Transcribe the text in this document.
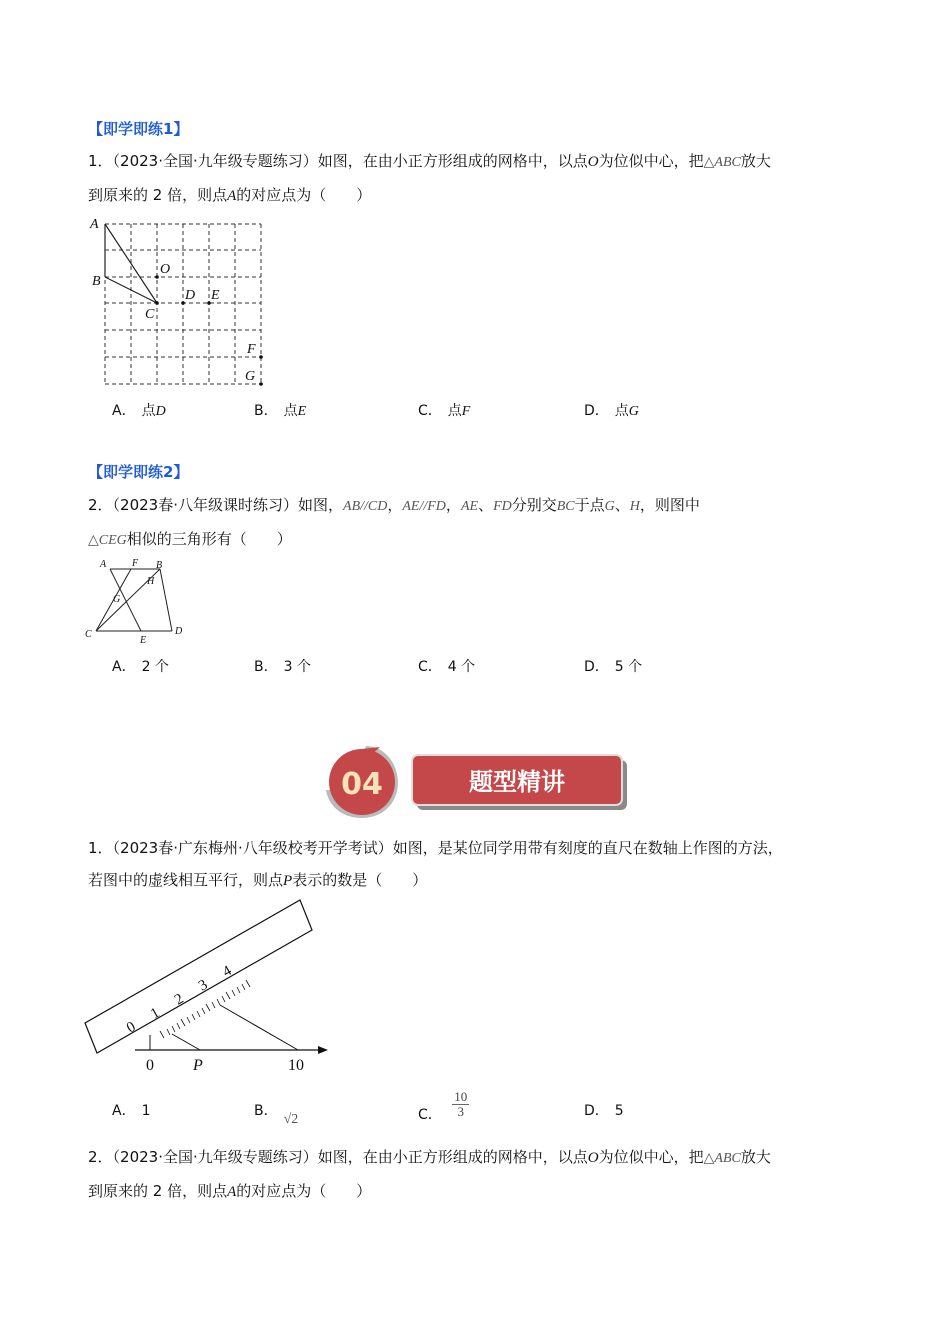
【即学即练1】
1．（2023·全国·九年级专题练习）如图，在由小正方形组成的网格中，以点O为位似中心，把△ABC放大
到原来的 2 倍，则点A的对应点为（　　）
A
B
C
O
D E
F
G
A． 点D	B． 点E	C． 点F	D． 点G
【即学即练2】
2．（2023春·八年级课时练习）如图，AB//CD，AE//FD，AE、FD分别交BC于点G、H，则图中
△CEG相似的三角形有（　　）
A	F B
H
G
C
E
D
A． 2 个	B． 3 个	C． 4 个	D． 5 个
04	题型精讲
1．（2023春·广东梅州·八年级校考开学考试）如图，是某位同学用带有刻度的直尺在数轴上作图的方法，
若图中的虚线相互平行，则点P表示的数是（　　）
0
1
2
3
4
0 P	10
A． 1	B．√2	C． $\frac{10}{3}$	D． 5
2．（2023·全国·九年级专题练习）如图，在由小正方形组成的网格中，以点O为位似中心，把△ABC放大
到原来的 2 倍，则点A的对应点为（　　）
